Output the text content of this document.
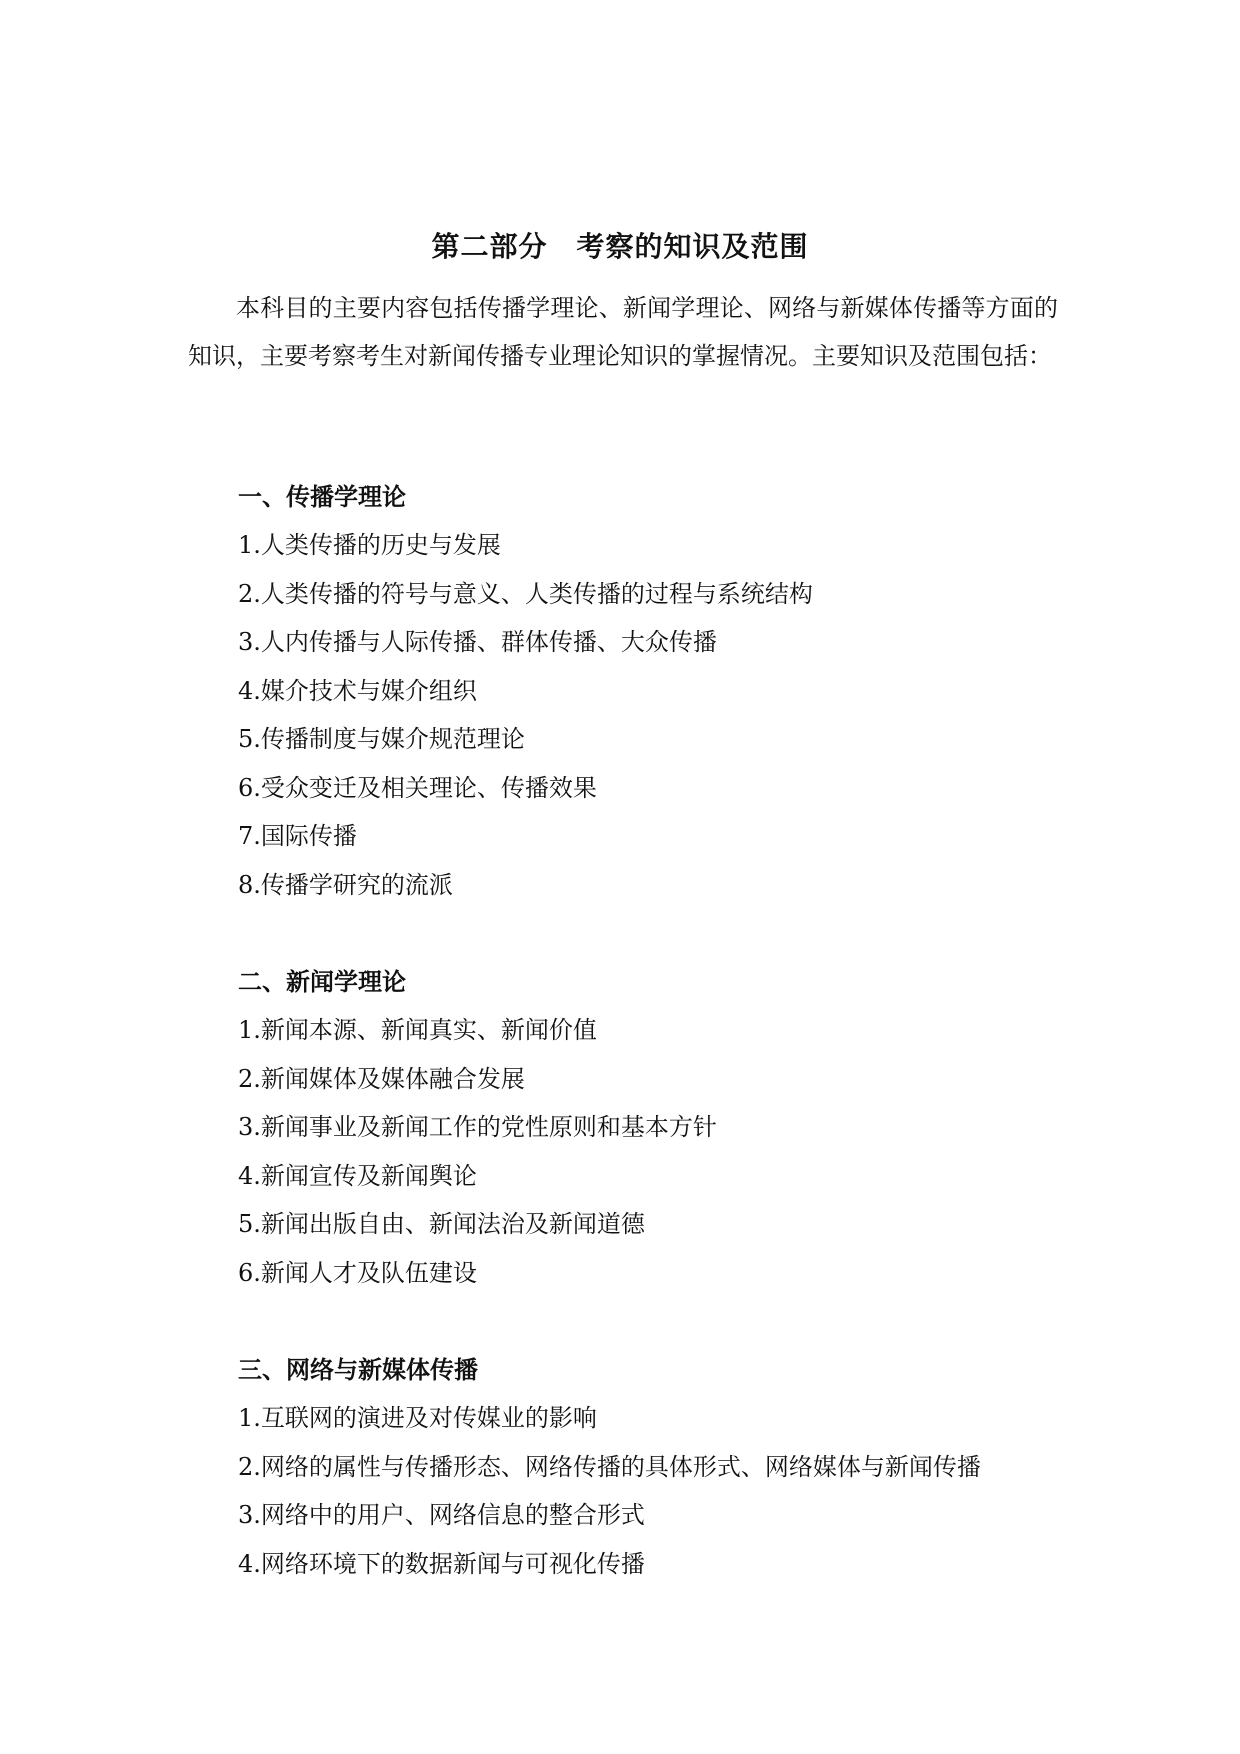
第二部分　考察的知识及范围
本科目的主要内容包括传播学理论、新闻学理论、网络与新媒体传播等方面的知识，主要考察考生对新闻传播专业理论知识的掌握情况。主要知识及范围包括：
一、传播学理论
1.人类传播的历史与发展
2.人类传播的符号与意义、人类传播的过程与系统结构
3.人内传播与人际传播、群体传播、大众传播
4.媒介技术与媒介组织
5.传播制度与媒介规范理论
6.受众变迁及相关理论、传播效果
7.国际传播
8.传播学研究的流派
二、新闻学理论
1.新闻本源、新闻真实、新闻价值
2.新闻媒体及媒体融合发展
3.新闻事业及新闻工作的党性原则和基本方针
4.新闻宣传及新闻舆论
5.新闻出版自由、新闻法治及新闻道德
6.新闻人才及队伍建设
三、网络与新媒体传播
1.互联网的演进及对传媒业的影响
2.网络的属性与传播形态、网络传播的具体形式、网络媒体与新闻传播
3.网络中的用户、网络信息的整合形式
4.网络环境下的数据新闻与可视化传播
